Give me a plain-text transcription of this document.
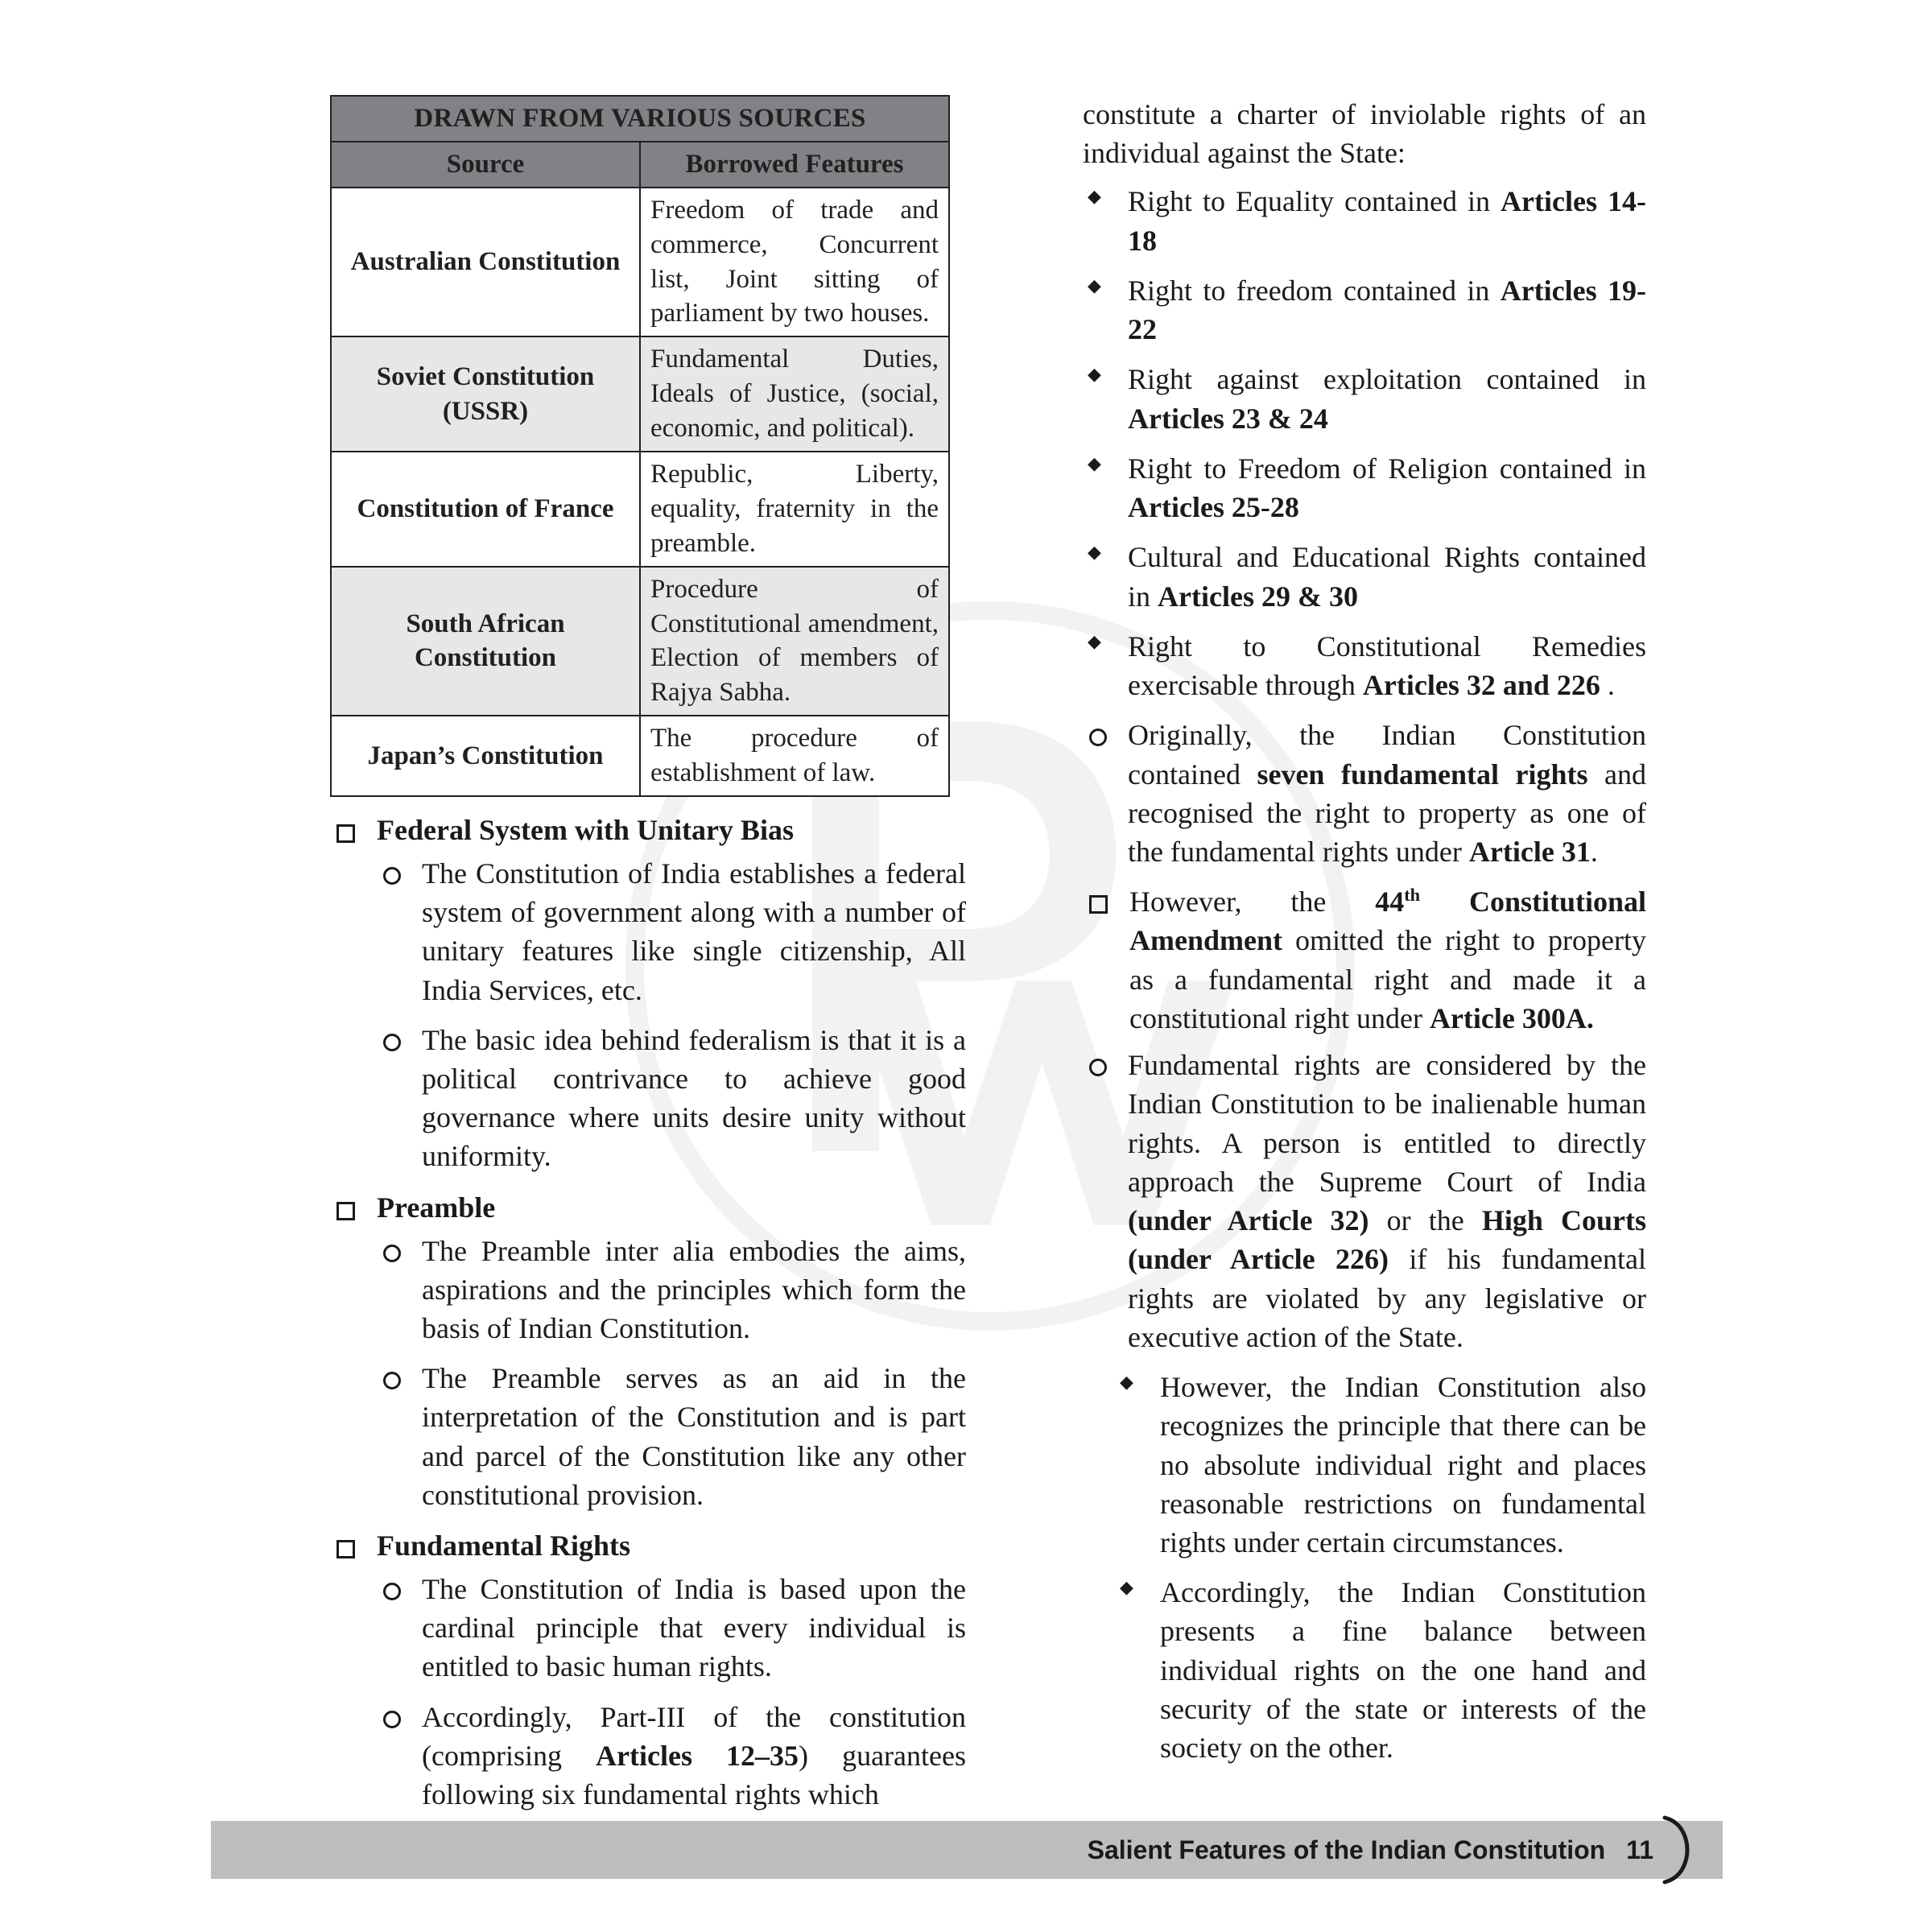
DRAWN FROM VARIOUS SOURCES	
Source	Borrowed Features
Australian Constitution	Freedom of trade and commerce, Concurrent list, Joint sitting of parliament by two houses.
Soviet Constitution (USSR)	Fundamental Duties, Ideals of Justice, (social, economic, and political).
Constitution of France	Republic, Liberty, equality, fraternity in the preamble.
South African Constitution	Procedure of Constitutional amendment, Election of members of Rajya Sabha.
Japan’s Constitution	The procedure of establishment of law.
Federal System with Unitary Bias
The Constitution of India establishes a federal system of government along with a number of unitary features like single citizenship, All India Services, etc.
The basic idea behind federalism is that it is a political contrivance to achieve good governance where units desire unity without uniformity.
Preamble
The Preamble inter alia embodies the aims, aspirations and the principles which form the basis of Indian Constitution.
The Preamble serves as an aid in the interpretation of the Constitution and is part and parcel of the Constitution like any other constitutional provision.
Fundamental Rights
The Constitution of India is based upon the cardinal principle that every individual is entitled to basic human rights.
Accordingly, Part-III of the constitution (comprising Articles 12–35) guarantees following six fundamental rights which

constitute a charter of inviolable rights of an individual against the State:

◆ Right to Equality contained in Articles 14-18
◆ Right to freedom contained in Articles 19-22
◆ Right against exploitation contained in Articles 23 & 24
◆ Right to Freedom of Religion contained in Articles 25-28
◆ Cultural and Educational Rights contained in Articles 29 & 30
◆ Right to Constitutional Remedies exercisable through Articles 32 and 226 .
Originally, the Indian Constitution contained seven fundamental rights and recognised the right to property as one of the fundamental rights under Article 31.
However, the 44th Constitutional Amendment omitted the right to property as a fundamental right and made it a constitutional right under Article 300A.
Fundamental rights are considered by the Indian Constitution to be inalienable human rights. A person is entitled to directly approach the Supreme Court of India (under Article 32) or the High Courts (under Article 226) if his fundamental rights are violated by any legislative or executive action of the State.
◆ However, the Indian Constitution also recognizes the principle that there can be no absolute individual right and places reasonable restrictions on fundamental rights under certain circumstances.
◆ Accordingly, the Indian Constitution presents a fine balance between individual rights on the one hand and security of the state or interests of the society on the other.
Salient Features of the Indian Constitution 11
